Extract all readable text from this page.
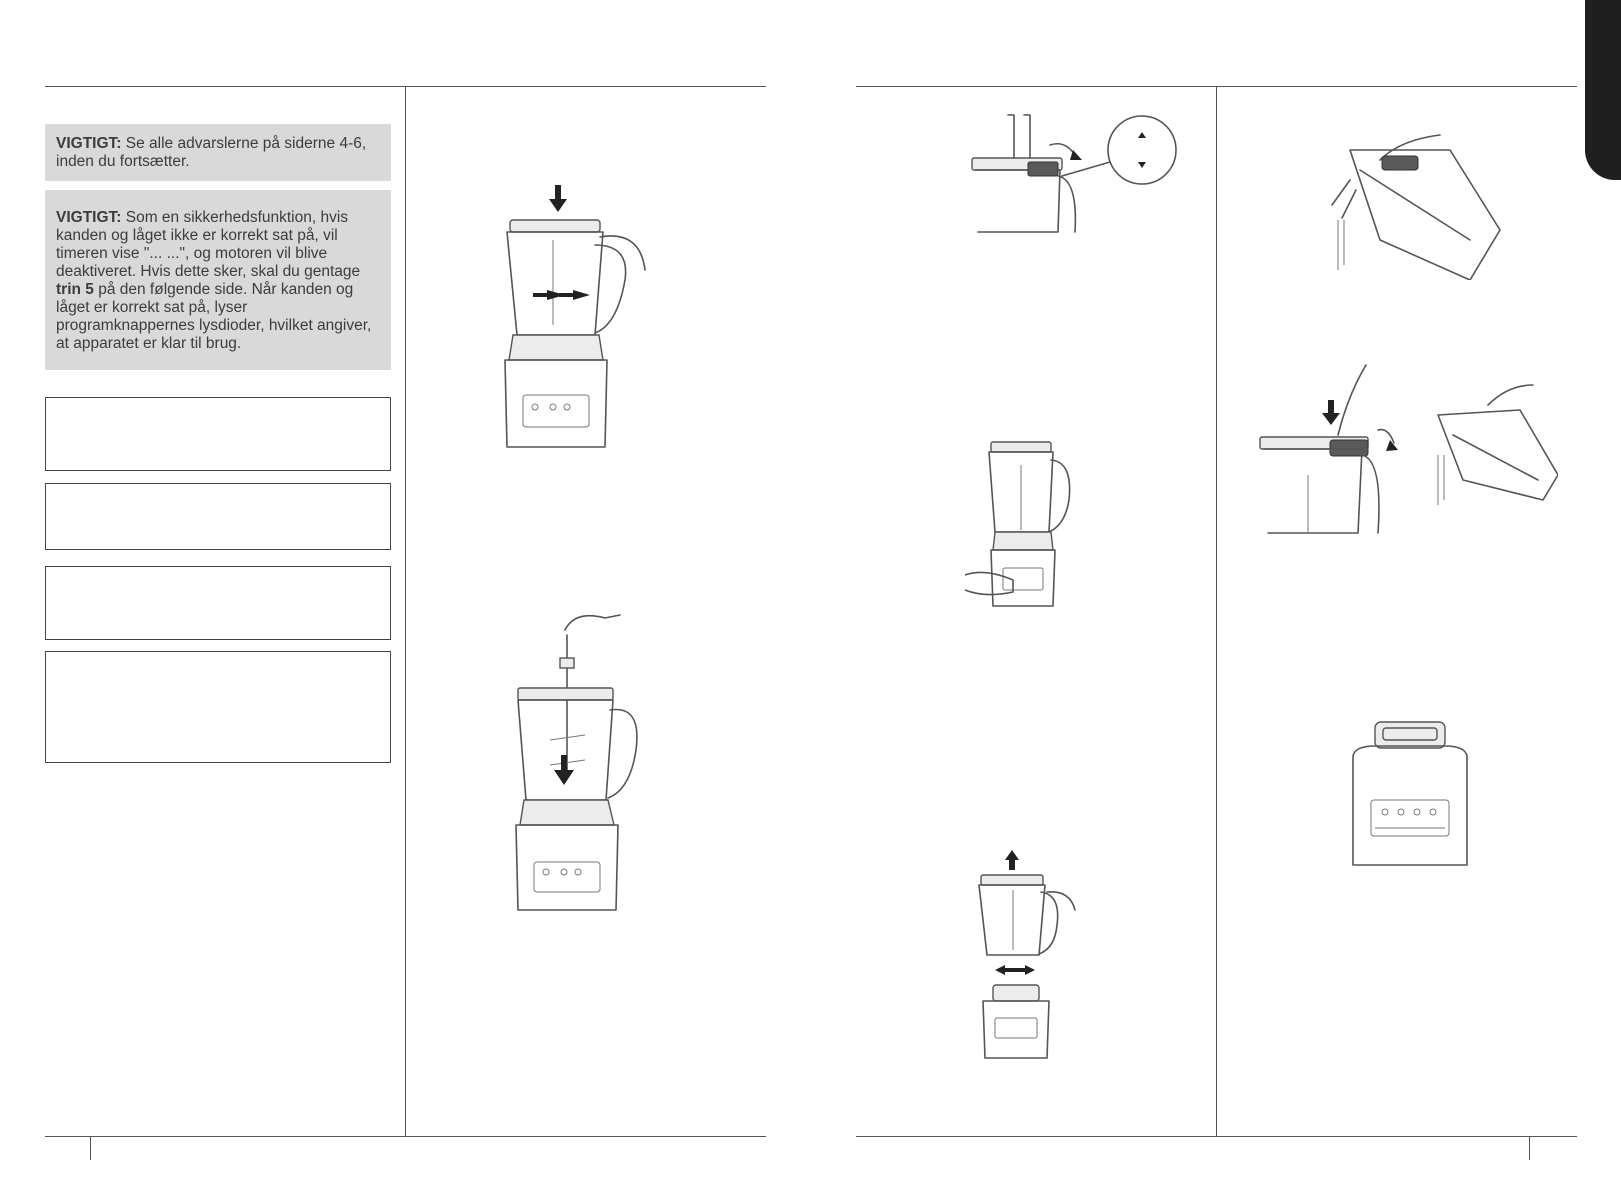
VIGTIGT: Se alle advarslerne på siderne 4-6, inden du fortsætter.
VIGTIGT: Som en sikkerhedsfunktion, hvis kanden og låget ikke er korrekt sat på, vil timeren vise "... ...", og motoren vil blive deaktiveret. Hvis dette sker, skal du gentage trin 5 på den følgende side. Når kanden og låget er korrekt sat på, lyser programknappernes lysdioder, hvilket angiver, at apparatet er klar til brug.
